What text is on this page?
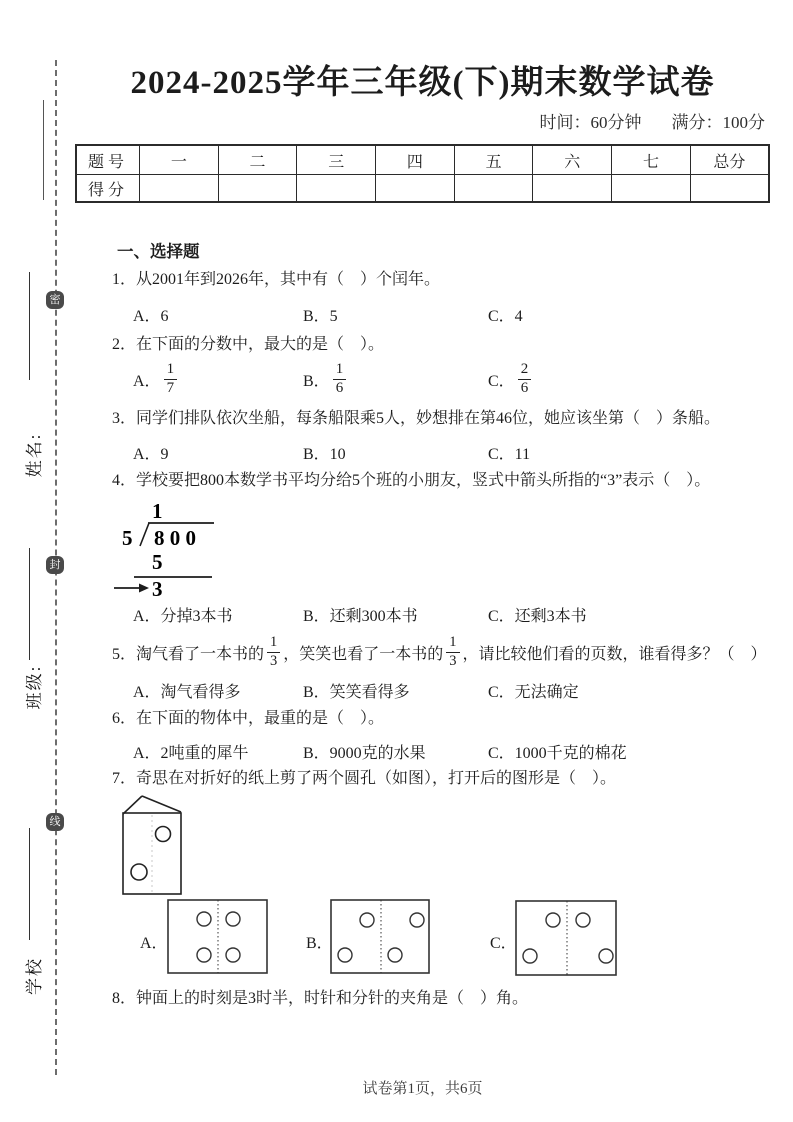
姓名:
班级:
学校
密
封
线
2024-2025学年三年级(下)期末数学试卷
时间：60分钟 满分：100分
题号	一	二	三	四	五	六	七	总分
得分								
一、选择题
1．从2001年到2026年，其中有（　）个闰年。
A．6	B．5	C．4
2．在下面的分数中，最大的是（　）。
A． $\frac{1}{7}$	B． $\frac{1}{6}$	C． $\frac{2}{6}$
3．同学们排队依次坐船，每条船限乘5人，妙想排在第46位，她应该坐第（　）条船。
A．9	B．10	C．11
4．学校要把800本数学书平均分给5个班的小朋友，竖式中箭头所指的“3”表示（　）。
1
5 8 0 0
5
3
A．分掉3本书	B．还剩300本书	C．还剩3本书
5．淘气看了一本书的 $\frac{1}{3}$ ，笑笑也看了一本书的 $\frac{1}{3}$ ，请比较他们看的页数，谁看得多？（　）
A．淘气看得多	B．笑笑看得多	C．无法确定
6．在下面的物体中，最重的是（　）。
A．2吨重的犀牛	B．9000克的水果	C．1000千克的棉花
7．奇思在对折好的纸上剪了两个圆孔（如图），打开后的图形是（　）。
A．	B．	C．
8．钟面上的时刻是3时半，时针和分针的夹角是（　）角。
试卷第1页，共6页
